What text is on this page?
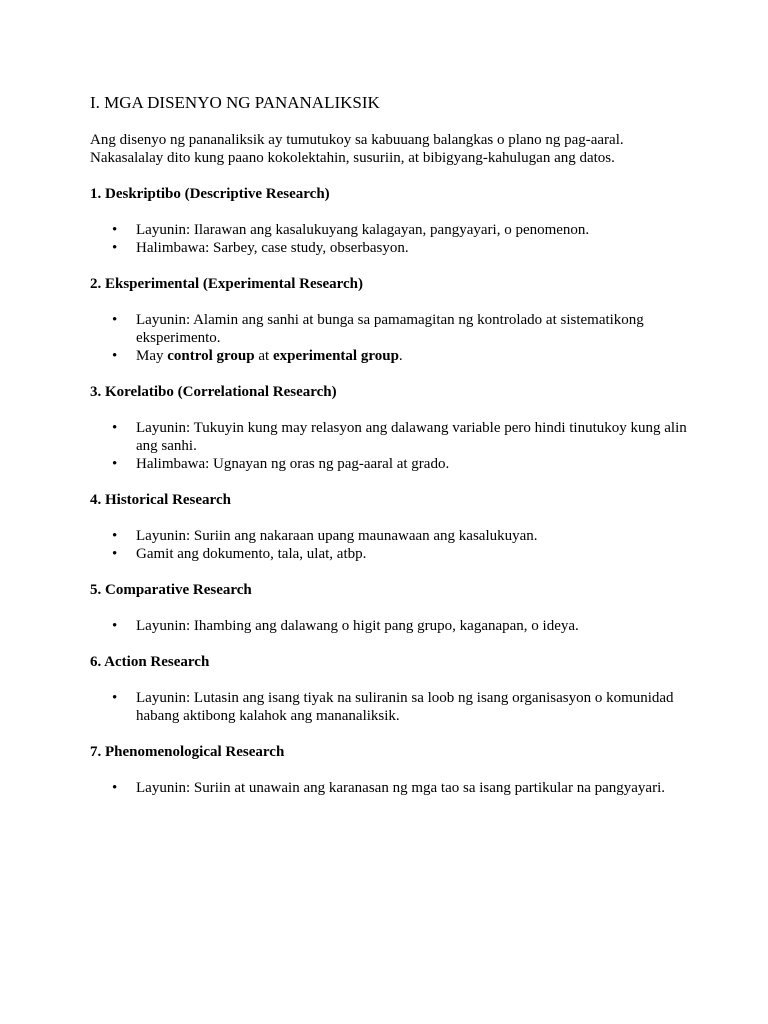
I. MGA DISENYO NG PANANALIKSIK

Ang disenyo ng pananaliksik ay tumutukoy sa kabuuang balangkas o plano ng pag-aaral.
Nakasalalay dito kung paano kokolektahin, susuriin, at bibigyang-kahulugan ang datos.

1. Deskriptibo (Descriptive Research)
• Layunin: Ilarawan ang kasalukuyang kalagayan, pangyayari, o penomenon.
• Halimbawa: Sarbey, case study, obserbasyon.
2. Eksperimental (Experimental Research)
• Layunin: Alamin ang sanhi at bunga sa pamamagitan ng kontrolado at sistematikong eksperimento.
• May control group at experimental group.
3. Korelatibo (Correlational Research)
• Layunin: Tukuyin kung may relasyon ang dalawang variable pero hindi tinutukoy kung alin ang sanhi.
• Halimbawa: Ugnayan ng oras ng pag-aaral at grado.
4. Historical Research
• Layunin: Suriin ang nakaraan upang maunawaan ang kasalukuyan.
• Gamit ang dokumento, tala, ulat, atbp.
5. Comparative Research
• Layunin: Ihambing ang dalawang o higit pang grupo, kaganapan, o ideya.
6. Action Research
• Layunin: Lutasin ang isang tiyak na suliranin sa loob ng isang organisasyon o komunidad habang aktibong kalahok ang mananaliksik.
7. Phenomenological Research
• Layunin: Suriin at unawain ang karanasan ng mga tao sa isang partikular na pangyayari.
